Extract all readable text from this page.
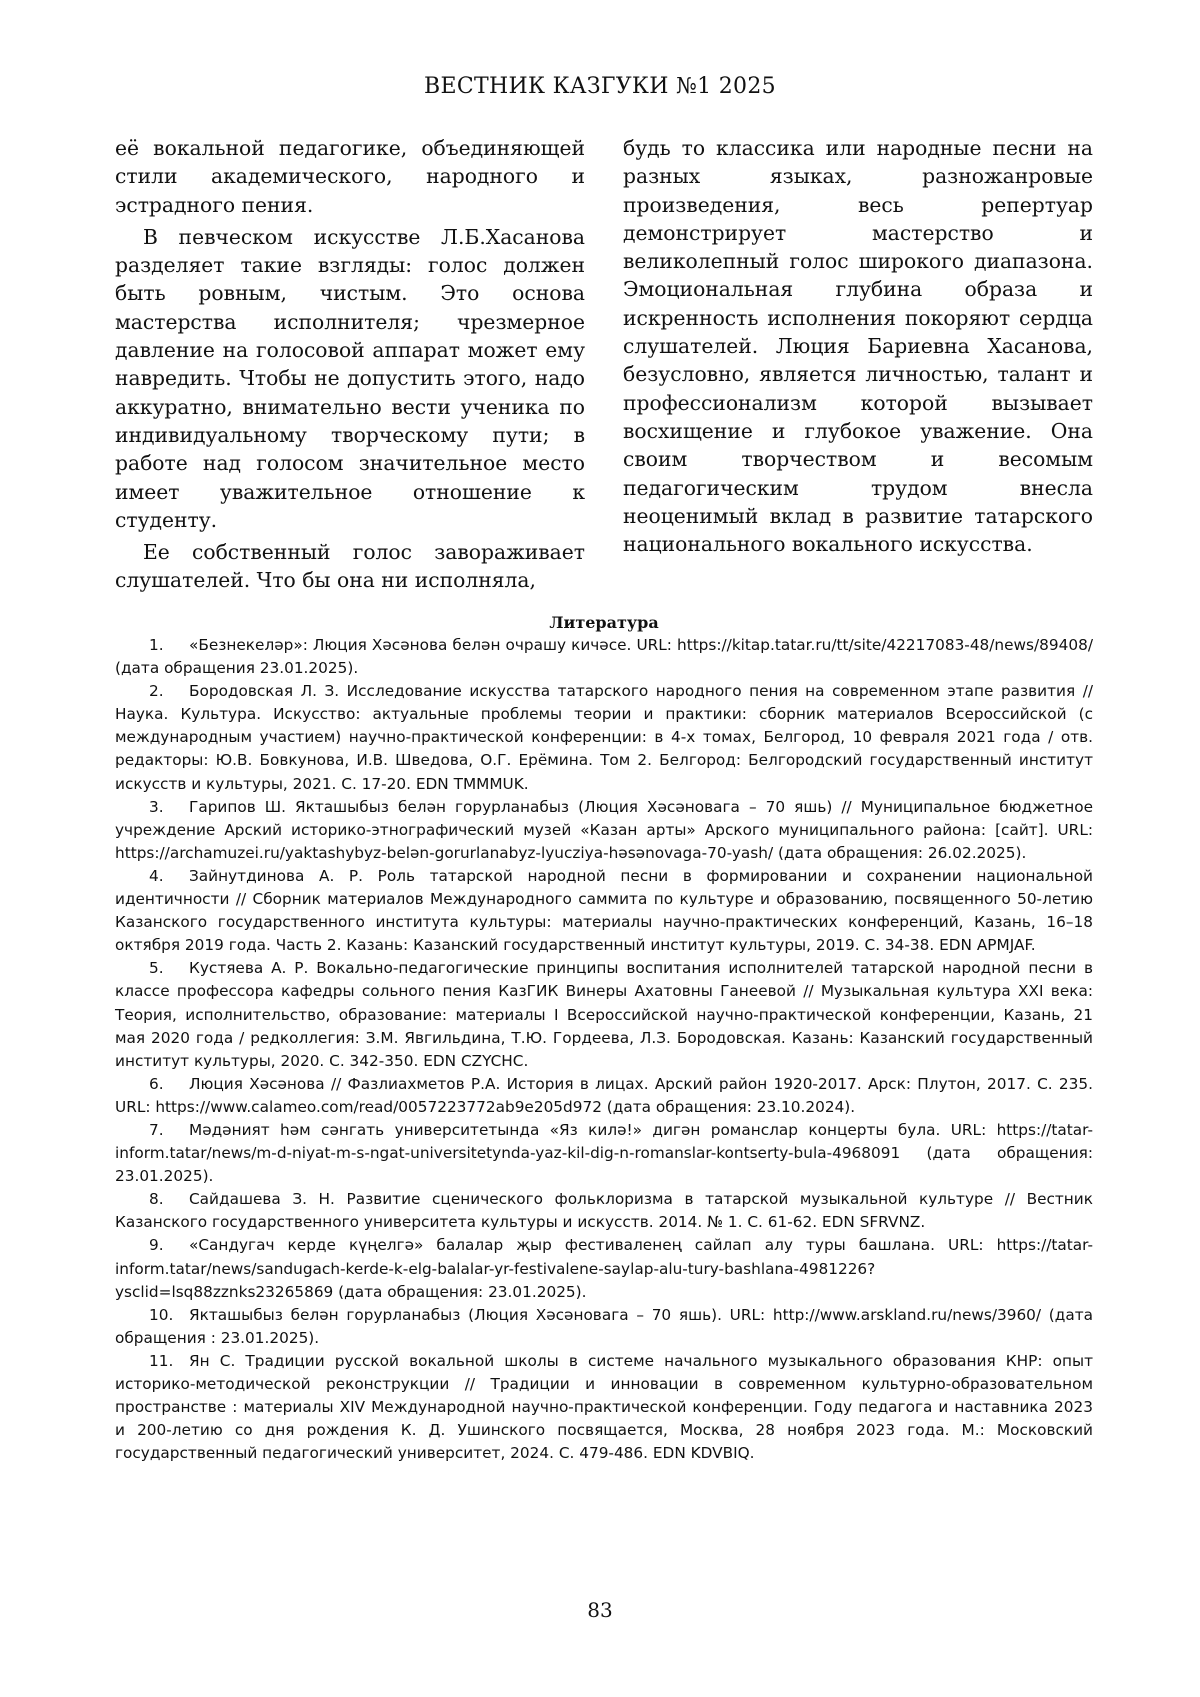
ВЕСТНИК КАЗГУКИ №1 2025

её вокальной педагогике, объединяющей стили академического, народного и эстрадного пения.

В певческом искусстве Л.Б.Хасанова разделяет такие взгляды: голос должен быть ровным, чистым. Это основа мастерства исполнителя; чрезмерное давление на голосовой аппарат может ему навредить. Чтобы не допустить этого, надо аккуратно, внимательно вести ученика по индивидуальному творческому пути; в работе над голосом значительное место имеет уважительное отношение к студенту.

Ее собственный голос завораживает слушателей. Что бы она ни исполняла,

будь то классика или народные песни на разных языках, разножанровые произведения, весь репертуар демонстрирует мастерство и великолепный голос широкого диапазона. Эмоциональная глубина образа и искренность исполнения покоряют сердца слушателей. Люция Бариевна Хасанова, безусловно, является личностью, талант и профессионализм которой вызывает восхищение и глубокое уважение. Она своим творчеством и весомым педагогическим трудом внесла неоценимый вклад в развитие татарского национального вокального искусства.

Литература
1. «Безнекеләр»: Люция Хәсәнова белән очрашу кичәсе. URL: https://kitap.tatar.ru/tt/site/42217083-48/news/89408/ (дата обращения 23.01.2025).
2. Бородовская Л. З. Исследование искусства татарского народного пения на современном этапе развития // Наука. Культура. Искусство: актуальные проблемы теории и практики: сборник материалов Всероссийской (с международным участием) научно-практической конференции: в 4-х томах, Белгород, 10 февраля 2021 года / отв. редакторы: Ю.В. Бовкунова, И.В. Шведова, О.Г. Ерёмина. Том 2. Белгород: Белгородский государственный институт искусств и культуры, 2021. С. 17-20. EDN TMMMUK.
3. Гарипов Ш. Якташыбыз белән горурланабыз (Люция Хәсәновага – 70 яшь) // Муниципальное бюджетное учреждение Арский историко-этнографический музей «Казан арты» Арского муниципального района: [сайт]. URL: https://archamuzei.ru/yaktashybyz-belən-gorurlanabyz-lyucziya-həsənovaga-70-yash/ (дата обращения: 26.02.2025).
4. Зайнутдинова А. Р. Роль татарской народной песни в формировании и сохранении национальной идентичности // Сборник материалов Международного саммита по культуре и образованию, посвященного 50-летию Казанского государственного института культуры: материалы научно-практических конференций, Казань, 16–18 октября 2019 года. Часть 2. Казань: Казанский государственный институт культуры, 2019. С. 34-38. EDN APMJAF.
5. Кустяева А. Р. Вокально-педагогические принципы воспитания исполнителей татарской народной песни в классе профессора кафедры сольного пения КазГИК Винеры Ахатовны Ганеевой // Музыкальная культура XXI века: Теория, исполнительство, образование: материалы I Всероссийской научно-практической конференции, Казань, 21 мая 2020 года / редколлегия: З.М. Явгильдина, Т.Ю. Гордеева, Л.З. Бородовская. Казань: Казанский государственный институт культуры, 2020. С. 342-350. EDN CZYCHC.
6. Люция Хәсәнова // Фазлиахметов Р.А. История в лицах. Арский район 1920-2017. Арск: Плутон, 2017. С. 235. URL: https://www.calameo.com/read/0057223772ab9e205d972 (дата обращения: 23.10.2024).
7. Мәдәният һәм сәнгать университетында «Яз килә!» дигән романслар концерты була. URL: https://tatar-inform.tatar/news/m-d-niyat-m-s-ngat-universitetynda-yaz-kil-dig-n-romanslar-kontserty-bula-4968091 (дата обращения: 23.01.2025).
8. Сайдашева З. Н. Развитие сценического фольклоризма в татарской музыкальной культуре // Вестник Казанского государственного университета культуры и искусств. 2014. № 1. С. 61-62. EDN SFRVNZ.
9. «Сандугач керде күңелгә» балалар җыр фестиваленең сайлап алу туры башлана. URL: https://tatar-inform.tatar/news/sandugach-kerde-k-elg-balalar-yr-festivalene-saylap-alu-tury-bashlana-4981226?ysclid=lsq88zznks23265869 (дата обращения: 23.01.2025).
10. Якташыбыз белән горурланабыз (Люция Хәсәновага – 70 яшь). URL: http://www.arskland.ru/news/3960/ (дата обращения : 23.01.2025).
11. Ян С. Традиции русской вокальной школы в системе начального музыкального образования КНР: опыт историко-методической реконструкции // Традиции и инновации в современном культурно-образовательном пространстве : материалы XIV Международной научно-практической конференции. Году педагога и наставника 2023 и 200-летию со дня рождения К. Д. Ушинского посвящается, Москва, 28 ноября 2023 года. М.: Московский государственный педагогический университет, 2024. С. 479-486. EDN KDVBIQ.
83
